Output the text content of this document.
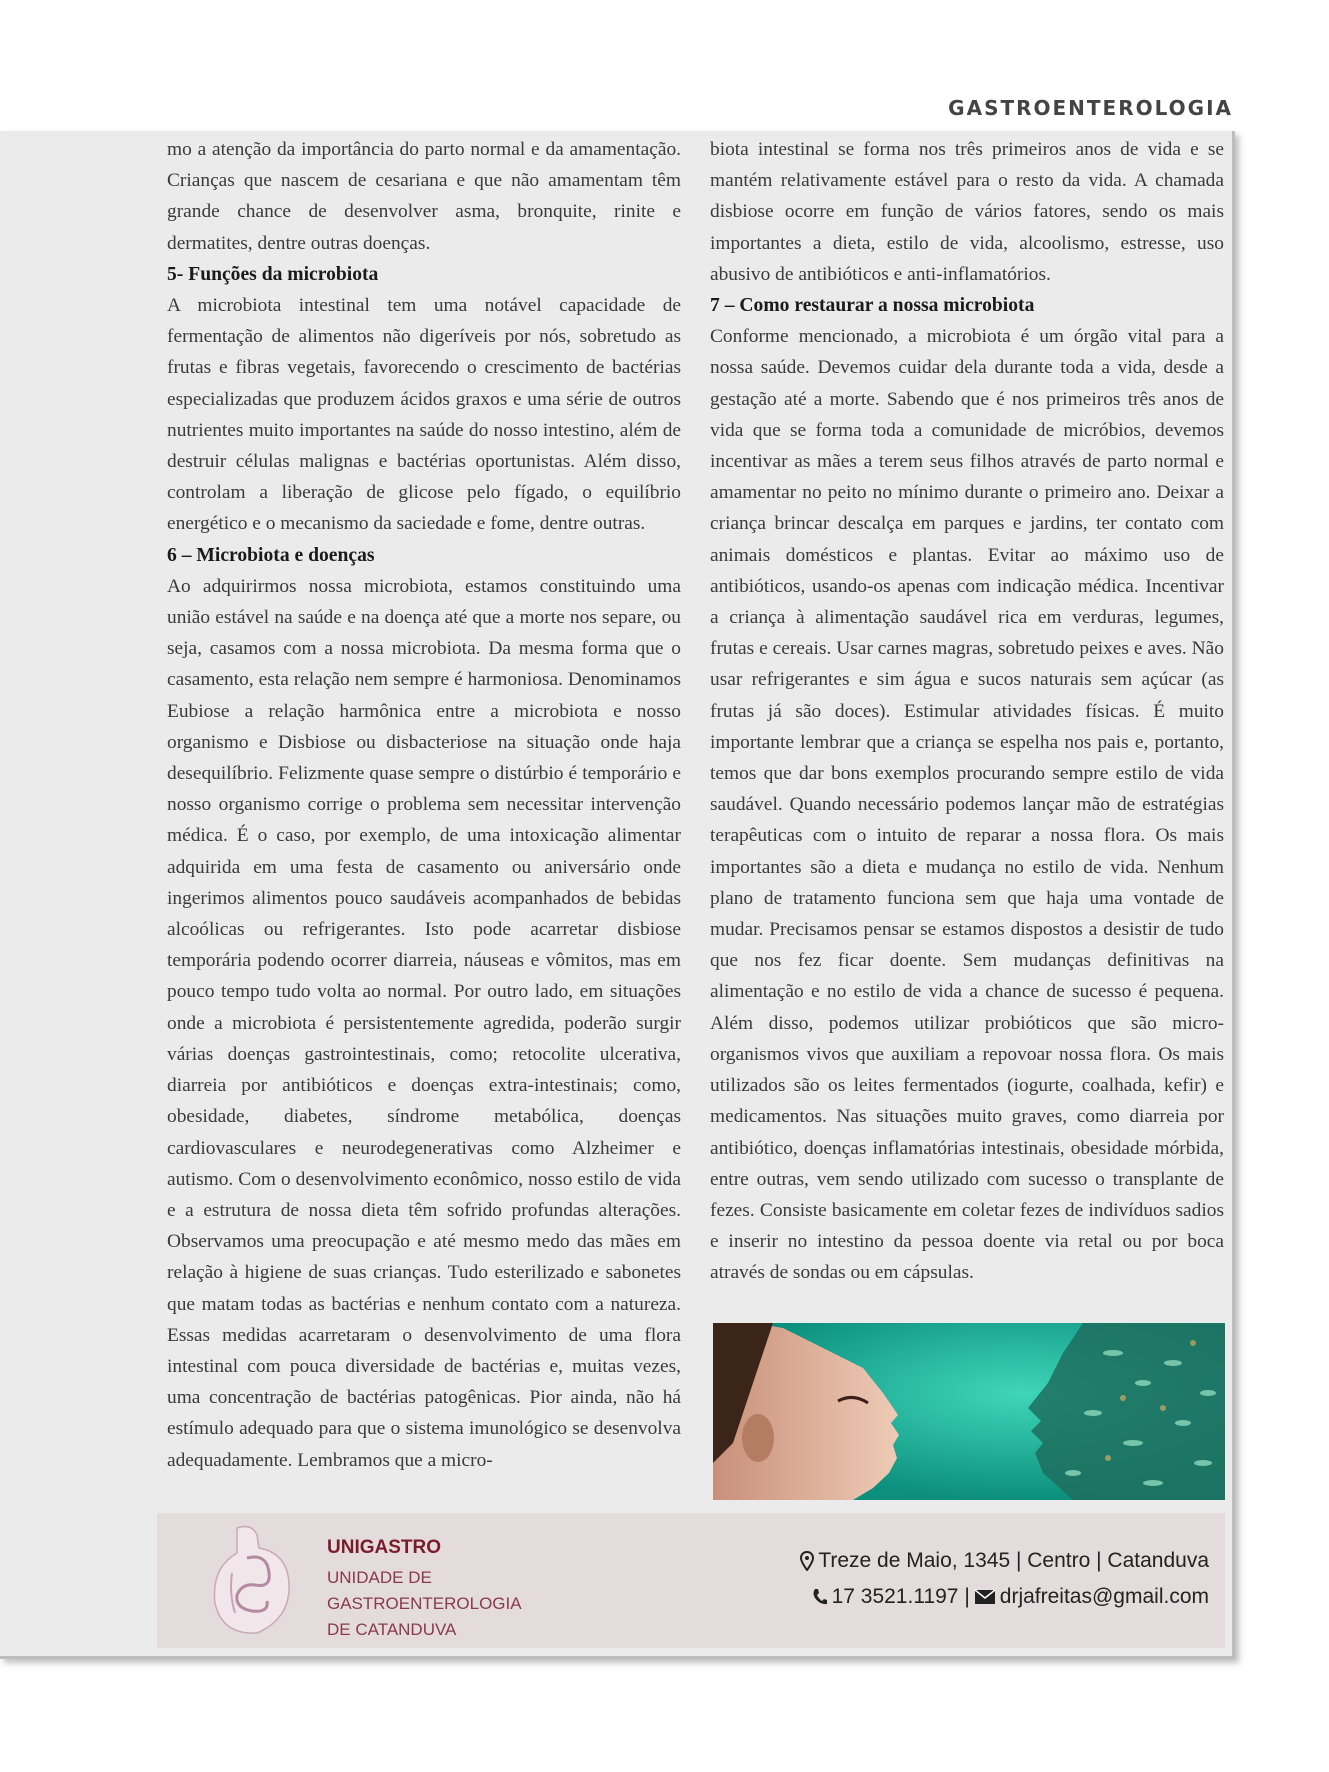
GASTROENTEROLOGIA

mo a atenção da importância do parto normal e da amamentação. Crianças que nascem de cesariana e que não amamentam têm grande chance de desenvolver asma, bronquite, rinite e dermatites, dentre outras doenças.

5- Funções da microbiota

A microbiota intestinal tem uma notável capacidade de fermentação de alimentos não digeríveis por nós, sobretudo as frutas e fibras vegetais, favorecendo o crescimento de bactérias especializadas que produzem ácidos graxos e uma série de outros nutrientes muito importantes na saúde do nosso intestino, além de destruir células malignas e bactérias oportunistas. Além disso, controlam a liberação de glicose pelo fígado, o equilíbrio energético e o mecanismo da saciedade e fome, dentre outras.

6 – Microbiota e doenças

Ao adquirirmos nossa microbiota, estamos constituindo uma união estável na saúde e na doença até que a morte nos separe, ou seja, casamos com a nossa microbiota. Da mesma forma que o casamento, esta relação nem sempre é harmoniosa. Denominamos Eubiose a relação harmônica entre a microbiota e nosso organismo e Disbiose ou disbacteriose na situação onde haja desequilíbrio. Felizmente quase sempre o distúrbio é temporário e nosso organismo corrige o problema sem necessitar intervenção médica. É o caso, por exemplo, de uma intoxicação alimentar adquirida em uma festa de casamento ou aniversário onde ingerimos alimentos pouco saudáveis acompanhados de bebidas alcoólicas ou refrigerantes. Isto pode acarretar disbiose temporária podendo ocorrer diarreia, náuseas e vômitos, mas em pouco tempo tudo volta ao normal. Por outro lado, em situações onde a microbiota é persistentemente agredida, poderão surgir várias doenças gastrointestinais, como; retocolite ulcerativa, diarreia por antibióticos e doenças extra-intestinais; como, obesidade, diabetes, síndrome metabólica, doenças cardiovasculares e neurodegenerativas como Alzheimer e autismo. Com o desenvolvimento econômico, nosso estilo de vida e a estrutura de nossa dieta têm sofrido profundas alterações. Observamos uma preocupação e até mesmo medo das mães em relação à higiene de suas crianças. Tudo esterilizado e sabonetes que matam todas as bactérias e nenhum contato com a natureza. Essas medidas acarretaram o desenvolvimento de uma flora intestinal com pouca diversidade de bactérias e, muitas vezes, uma concentração de bactérias patogênicas. Pior ainda, não há estímulo adequado para que o sistema imunológico se desenvolva adequadamente. Lembramos que a micro-

biota intestinal se forma nos três primeiros anos de vida e se mantém relativamente estável para o resto da vida. A chamada disbiose ocorre em função de vários fatores, sendo os mais importantes a dieta, estilo de vida, alcoolismo, estresse, uso abusivo de antibióticos e anti-inflamatórios.

7 – Como restaurar a nossa microbiota

Conforme mencionado, a microbiota é um órgão vital para a nossa saúde. Devemos cuidar dela durante toda a vida, desde a gestação até a morte. Sabendo que é nos primeiros três anos de vida que se forma toda a comunidade de micróbios, devemos incentivar as mães a terem seus filhos através de parto normal e amamentar no peito no mínimo durante o primeiro ano. Deixar a criança brincar descalça em parques e jardins, ter contato com animais domésticos e plantas. Evitar ao máximo uso de antibióticos, usando-os apenas com indicação médica. Incentivar a criança à alimentação saudável rica em verduras, legumes, frutas e cereais. Usar carnes magras, sobretudo peixes e aves. Não usar refrigerantes e sim água e sucos naturais sem açúcar (as frutas já são doces). Estimular atividades físicas. É muito importante lembrar que a criança se espelha nos pais e, portanto, temos que dar bons exemplos procurando sempre estilo de vida saudável. Quando necessário podemos lançar mão de estratégias terapêuticas com o intuito de reparar a nossa flora. Os mais importantes são a dieta e mudança no estilo de vida. Nenhum plano de tratamento funciona sem que haja uma vontade de mudar. Precisamos pensar se estamos dispostos a desistir de tudo que nos fez ficar doente. Sem mudanças definitivas na alimentação e no estilo de vida a chance de sucesso é pequena. Além disso, podemos utilizar probióticos que são micro-organismos vivos que auxiliam a repovoar nossa flora. Os mais utilizados são os leites fermentados (iogurte, coalhada, kefir) e medicamentos. Nas situações muito graves, como diarreia por antibiótico, doenças inflamatórias intestinais, obesidade mórbida, entre outras, vem sendo utilizado com sucesso o transplante de fezes. Consiste basicamente em coletar fezes de indivíduos sadios e inserir no intestino da pessoa doente via retal ou por boca através de sondas ou em cápsulas.

UNIGASTRO
UNIDADE DE GASTROENTEROLOGIA
DE CATANDUVA
Treze de Maio, 1345 | Centro | Catanduva
17 3521.1197 | drjafreitas@gmail.com
